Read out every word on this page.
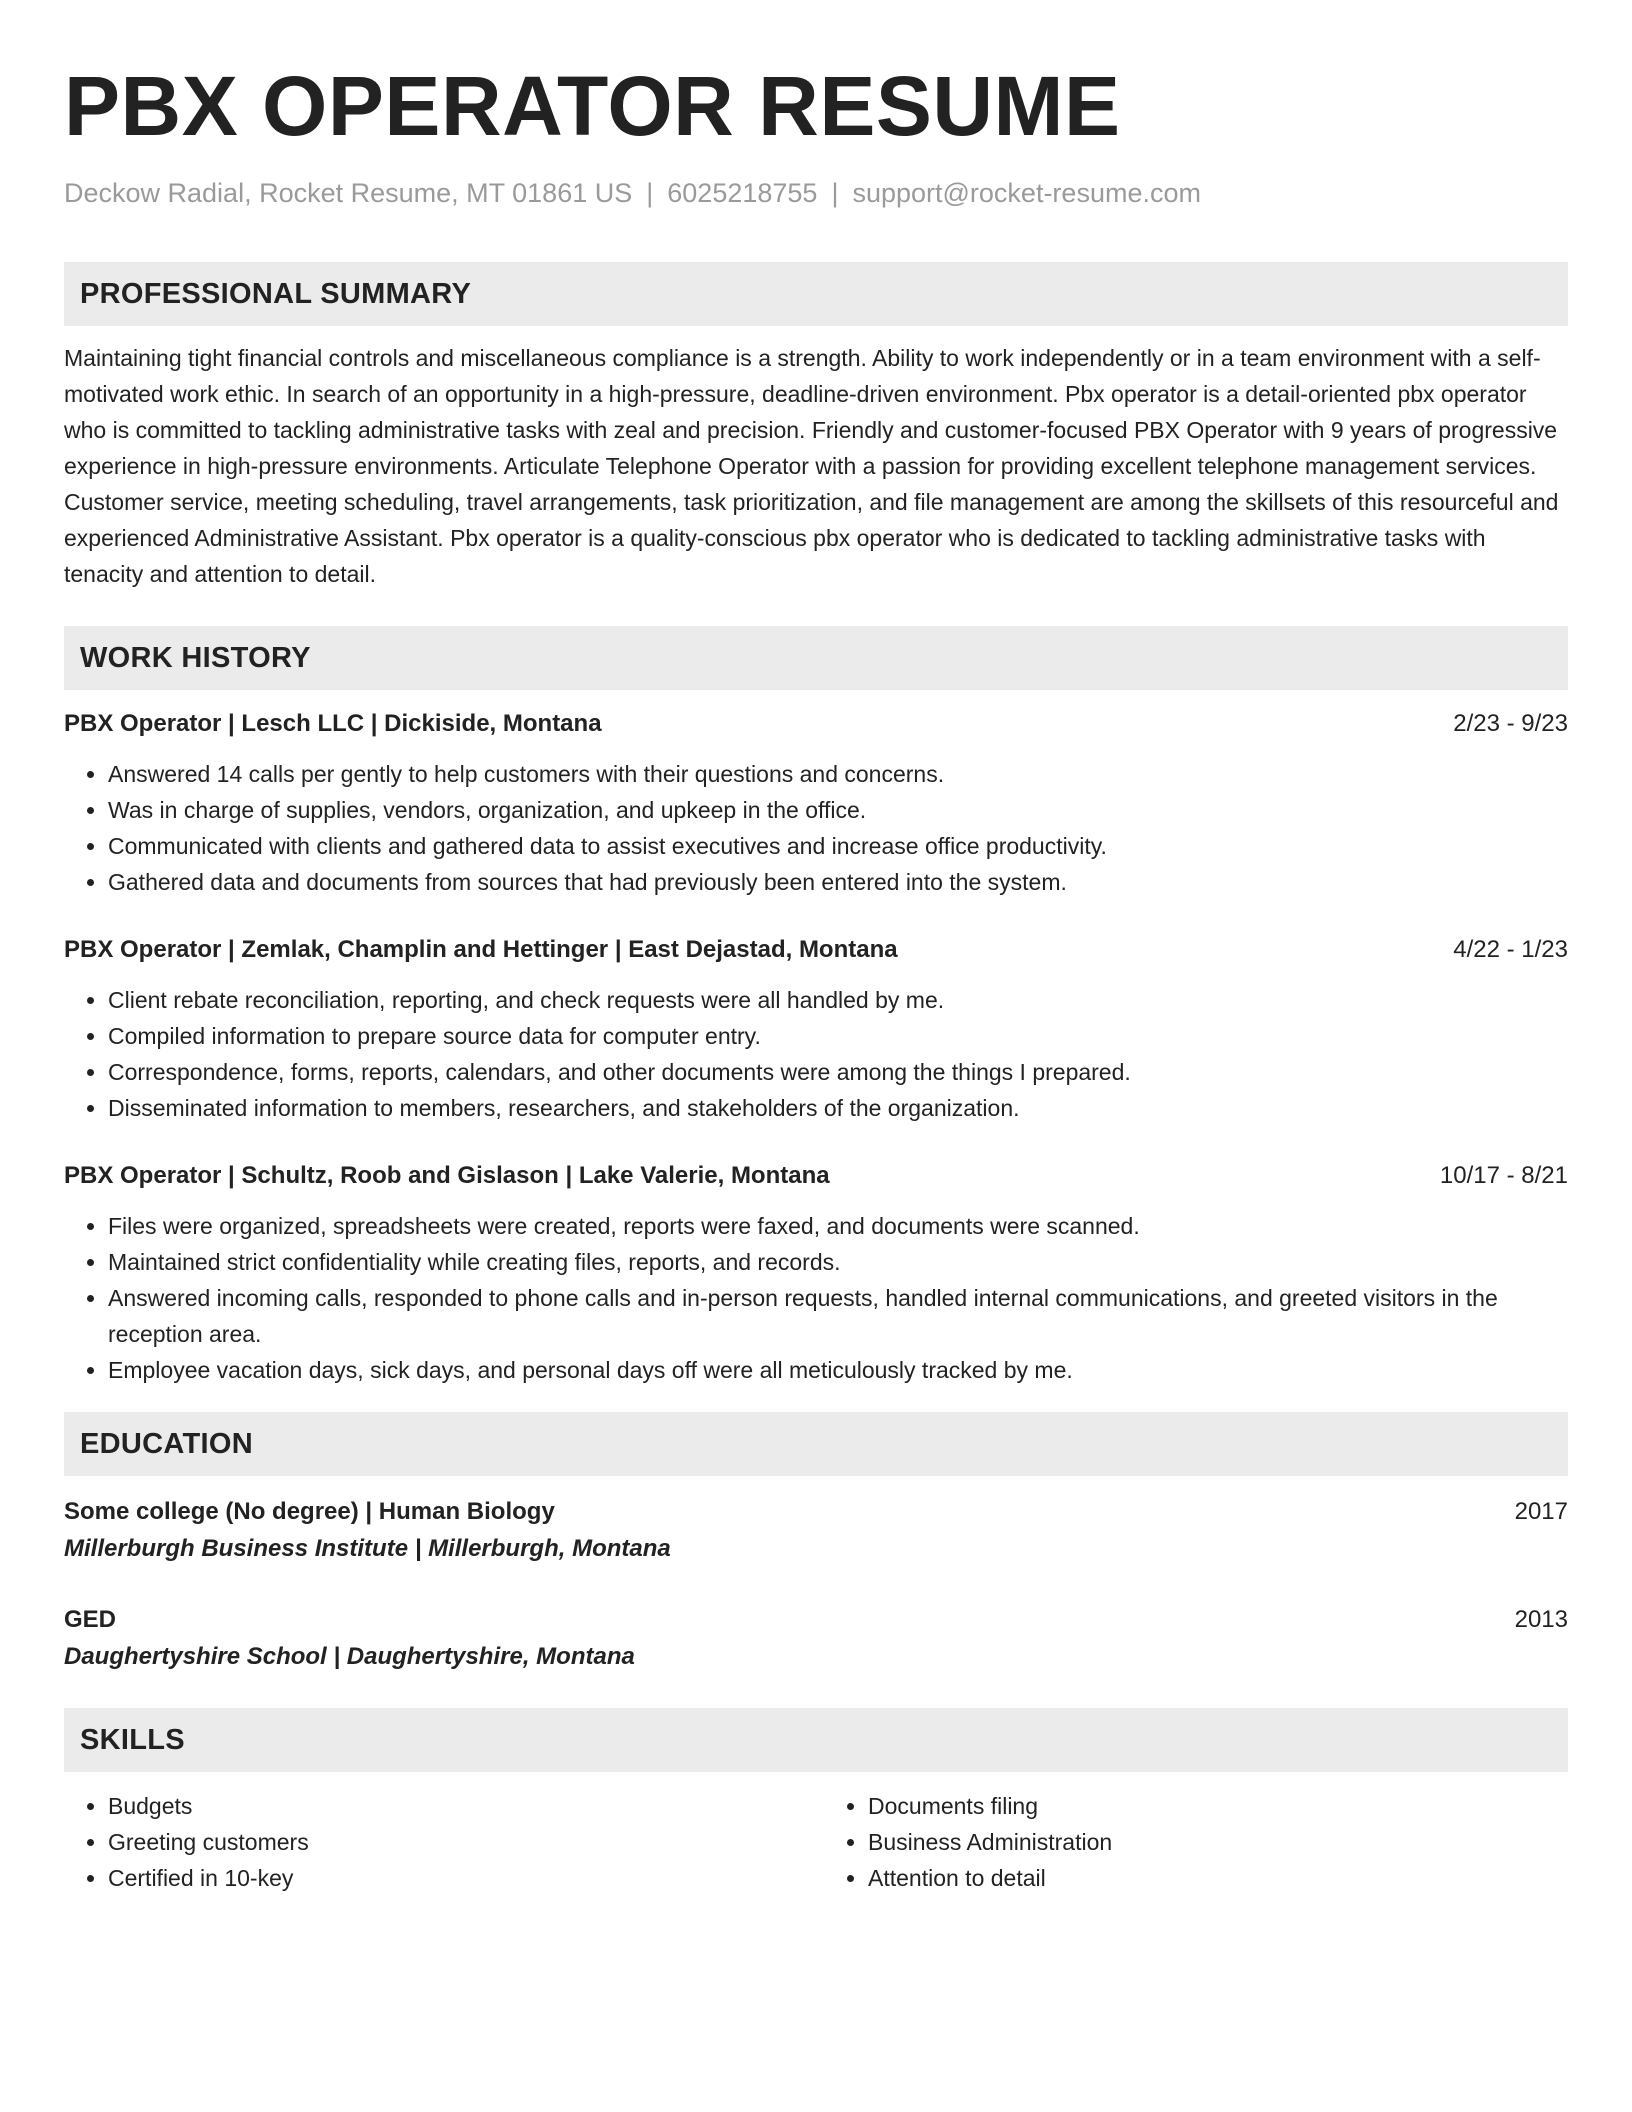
PBX OPERATOR RESUME
Deckow Radial, Rocket Resume, MT 01861 US | 6025218755 | support@rocket-resume.com
PROFESSIONAL SUMMARY
Maintaining tight financial controls and miscellaneous compliance is a strength. Ability to work independently or in a team environment with a self-motivated work ethic. In search of an opportunity in a high-pressure, deadline-driven environment. Pbx operator is a detail-oriented pbx operator who is committed to tackling administrative tasks with zeal and precision. Friendly and customer-focused PBX Operator with 9 years of progressive experience in high-pressure environments. Articulate Telephone Operator with a passion for providing excellent telephone management services. Customer service, meeting scheduling, travel arrangements, task prioritization, and file management are among the skillsets of this resourceful and experienced Administrative Assistant. Pbx operator is a quality-conscious pbx operator who is dedicated to tackling administrative tasks with tenacity and attention to detail.
WORK HISTORY
PBX Operator | Lesch LLC | Dickiside, Montana	2/23 - 9/23
• Answered 14 calls per gently to help customers with their questions and concerns.
• Was in charge of supplies, vendors, organization, and upkeep in the office.
• Communicated with clients and gathered data to assist executives and increase office productivity.
• Gathered data and documents from sources that had previously been entered into the system.
PBX Operator | Zemlak, Champlin and Hettinger | East Dejastad, Montana	4/22 - 1/23
• Client rebate reconciliation, reporting, and check requests were all handled by me.
• Compiled information to prepare source data for computer entry.
• Correspondence, forms, reports, calendars, and other documents were among the things I prepared.
• Disseminated information to members, researchers, and stakeholders of the organization.
PBX Operator | Schultz, Roob and Gislason | Lake Valerie, Montana	10/17 - 8/21
• Files were organized, spreadsheets were created, reports were faxed, and documents were scanned.
• Maintained strict confidentiality while creating files, reports, and records.
• Answered incoming calls, responded to phone calls and in-person requests, handled internal communications, and greeted visitors in the reception area.
• Employee vacation days, sick days, and personal days off were all meticulously tracked by me.
EDUCATION
Some college (No degree) | Human Biology	2017
Millerburgh Business Institute | Millerburgh, Montana
GED	2013
Daughertyshire School | Daughertyshire, Montana
SKILLS
• Budgets
• Greeting customers
• Certified in 10-key
• Documents filing
• Business Administration
• Attention to detail
